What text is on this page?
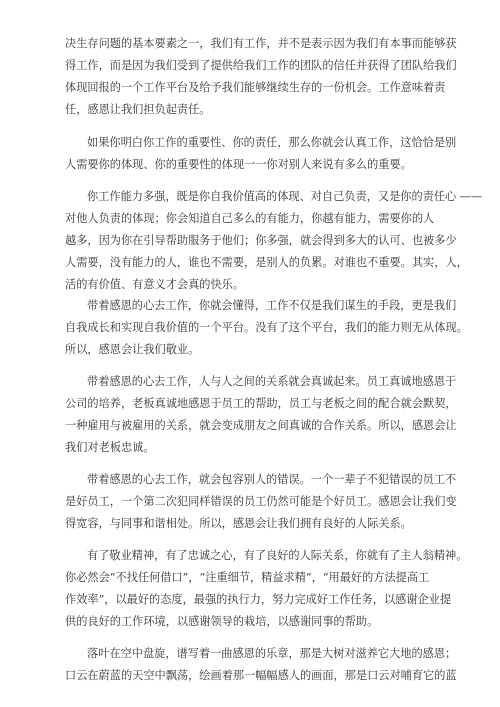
决生存问题的基本要素之一，我们有工作，并不是表示因为我们有本事而能够获
得工作，而是因为我们受到了提供给我们工作的团队的信任并获得了团队给我们
体现回报的一个工作平台及给予我们能够继续生存的一份机会。工作意味着责
任，感恩让我们担负起责任。
如果你明白你工作的重要性、你的责任，那么你就会认真工作，这恰恰是别
人需要你的体现、你的重要性的体现一一你对别人来说有多么的重要。
你工作能力多强，既是你自我价值高的体现、对自己负责，又是你的责任心 ——
对他人负责的体现；你会知道自己多么的有能力，你越有能力，需要你的人
越多，因为你在引导帮助服务于他们；你多强，就会得到多大的认可、也被多少
人需要，没有能力的人，谁也不需要，是别人的负累。对谁也不重要。其实，人，
活的有价值、有意义才会真的快乐。
带着感恩的心去工作，你就会懂得，工作不仅是我们谋生的手段，更是我们
自我成长和实现自我价值的一个平台。没有了这个平台，我们的能力则无从体现。
所以，感恩会让我们敬业。
带着感恩的心去工作，人与人之间的关系就会真诚起来。员工真诚地感恩于
公司的培养，老板真诚地感恩于员工的帮助，员工与老板之间的配合就会默契，
一种雇用与被雇用的关系，就会变成朋友之间真诚的合作关系。所以，感恩会让
我们对老板忠诚。
带着感恩的心去工作，就会包容别人的错误。一个一辈子不犯错误的员工不
是好员工，一个第二次犯同样错误的员工仍然可能是个好员工。感恩会让我们变
得宽容，与同事和谐相处。所以，感恩会让我们拥有良好的人际关系。
有了敬业精神，有了忠诚之心，有了良好的人际关系，你就有了主人翁精神。
你必然会“不找任何借口”，“注重细节，精益求精”，“用最好的方法提高工
作效率”，以最好的态度，最强的执行力，努力完成好工作任务，以感谢企业提
供的良好的工作环境，以感谢领导的栽培，以感谢同事的帮助。
落叶在空中盘旋，谱写着一曲感恩的乐章，那是大树对滋养它大地的感恩；
口云在蔚蓝的天空中飘荡，绘画着那一幅幅感人的画面，那是口云对哺育它的蓝
